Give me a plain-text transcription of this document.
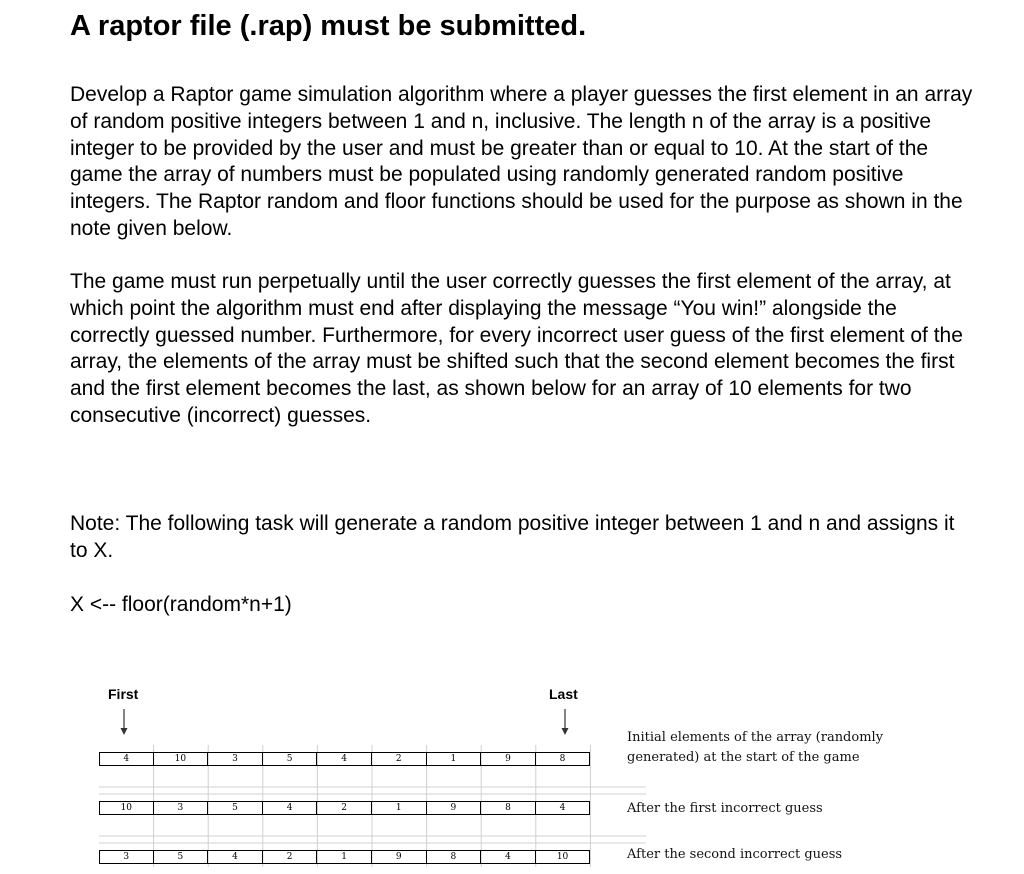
A raptor file (.rap) must be submitted.

Develop a Raptor game simulation algorithm where a player guesses the first element in an array of random positive integers between 1 and n, inclusive. The length n of the array is a positive integer to be provided by the user and must be greater than or equal to 10. At the start of the game the array of numbers must be populated using randomly generated random positive integers. The Raptor random and floor functions should be used for the purpose as shown in the note given below.

The game must run perpetually until the user correctly guesses the first element of the array, at which point the algorithm must end after displaying the message “You win!” alongside the correctly guessed number. Furthermore, for every incorrect user guess of the first element of the array, the elements of the array must be shifted such that the second element becomes the first and the first element becomes the last, as shown below for an array of 10 elements for two consecutive (incorrect) guesses.

Note: The following task will generate a random positive integer between 1 and n and assigns it to X.

X <-- floor(random*n+1)

First	Last
4	10	3	5	4	2	1	9	8
10	3	5	4	2	1	9	8	4
3	5	4	2	1	9	8	4	10
Initial elements of the array (randomly generated) at the start of the game
After the first incorrect guess
After the second incorrect guess
